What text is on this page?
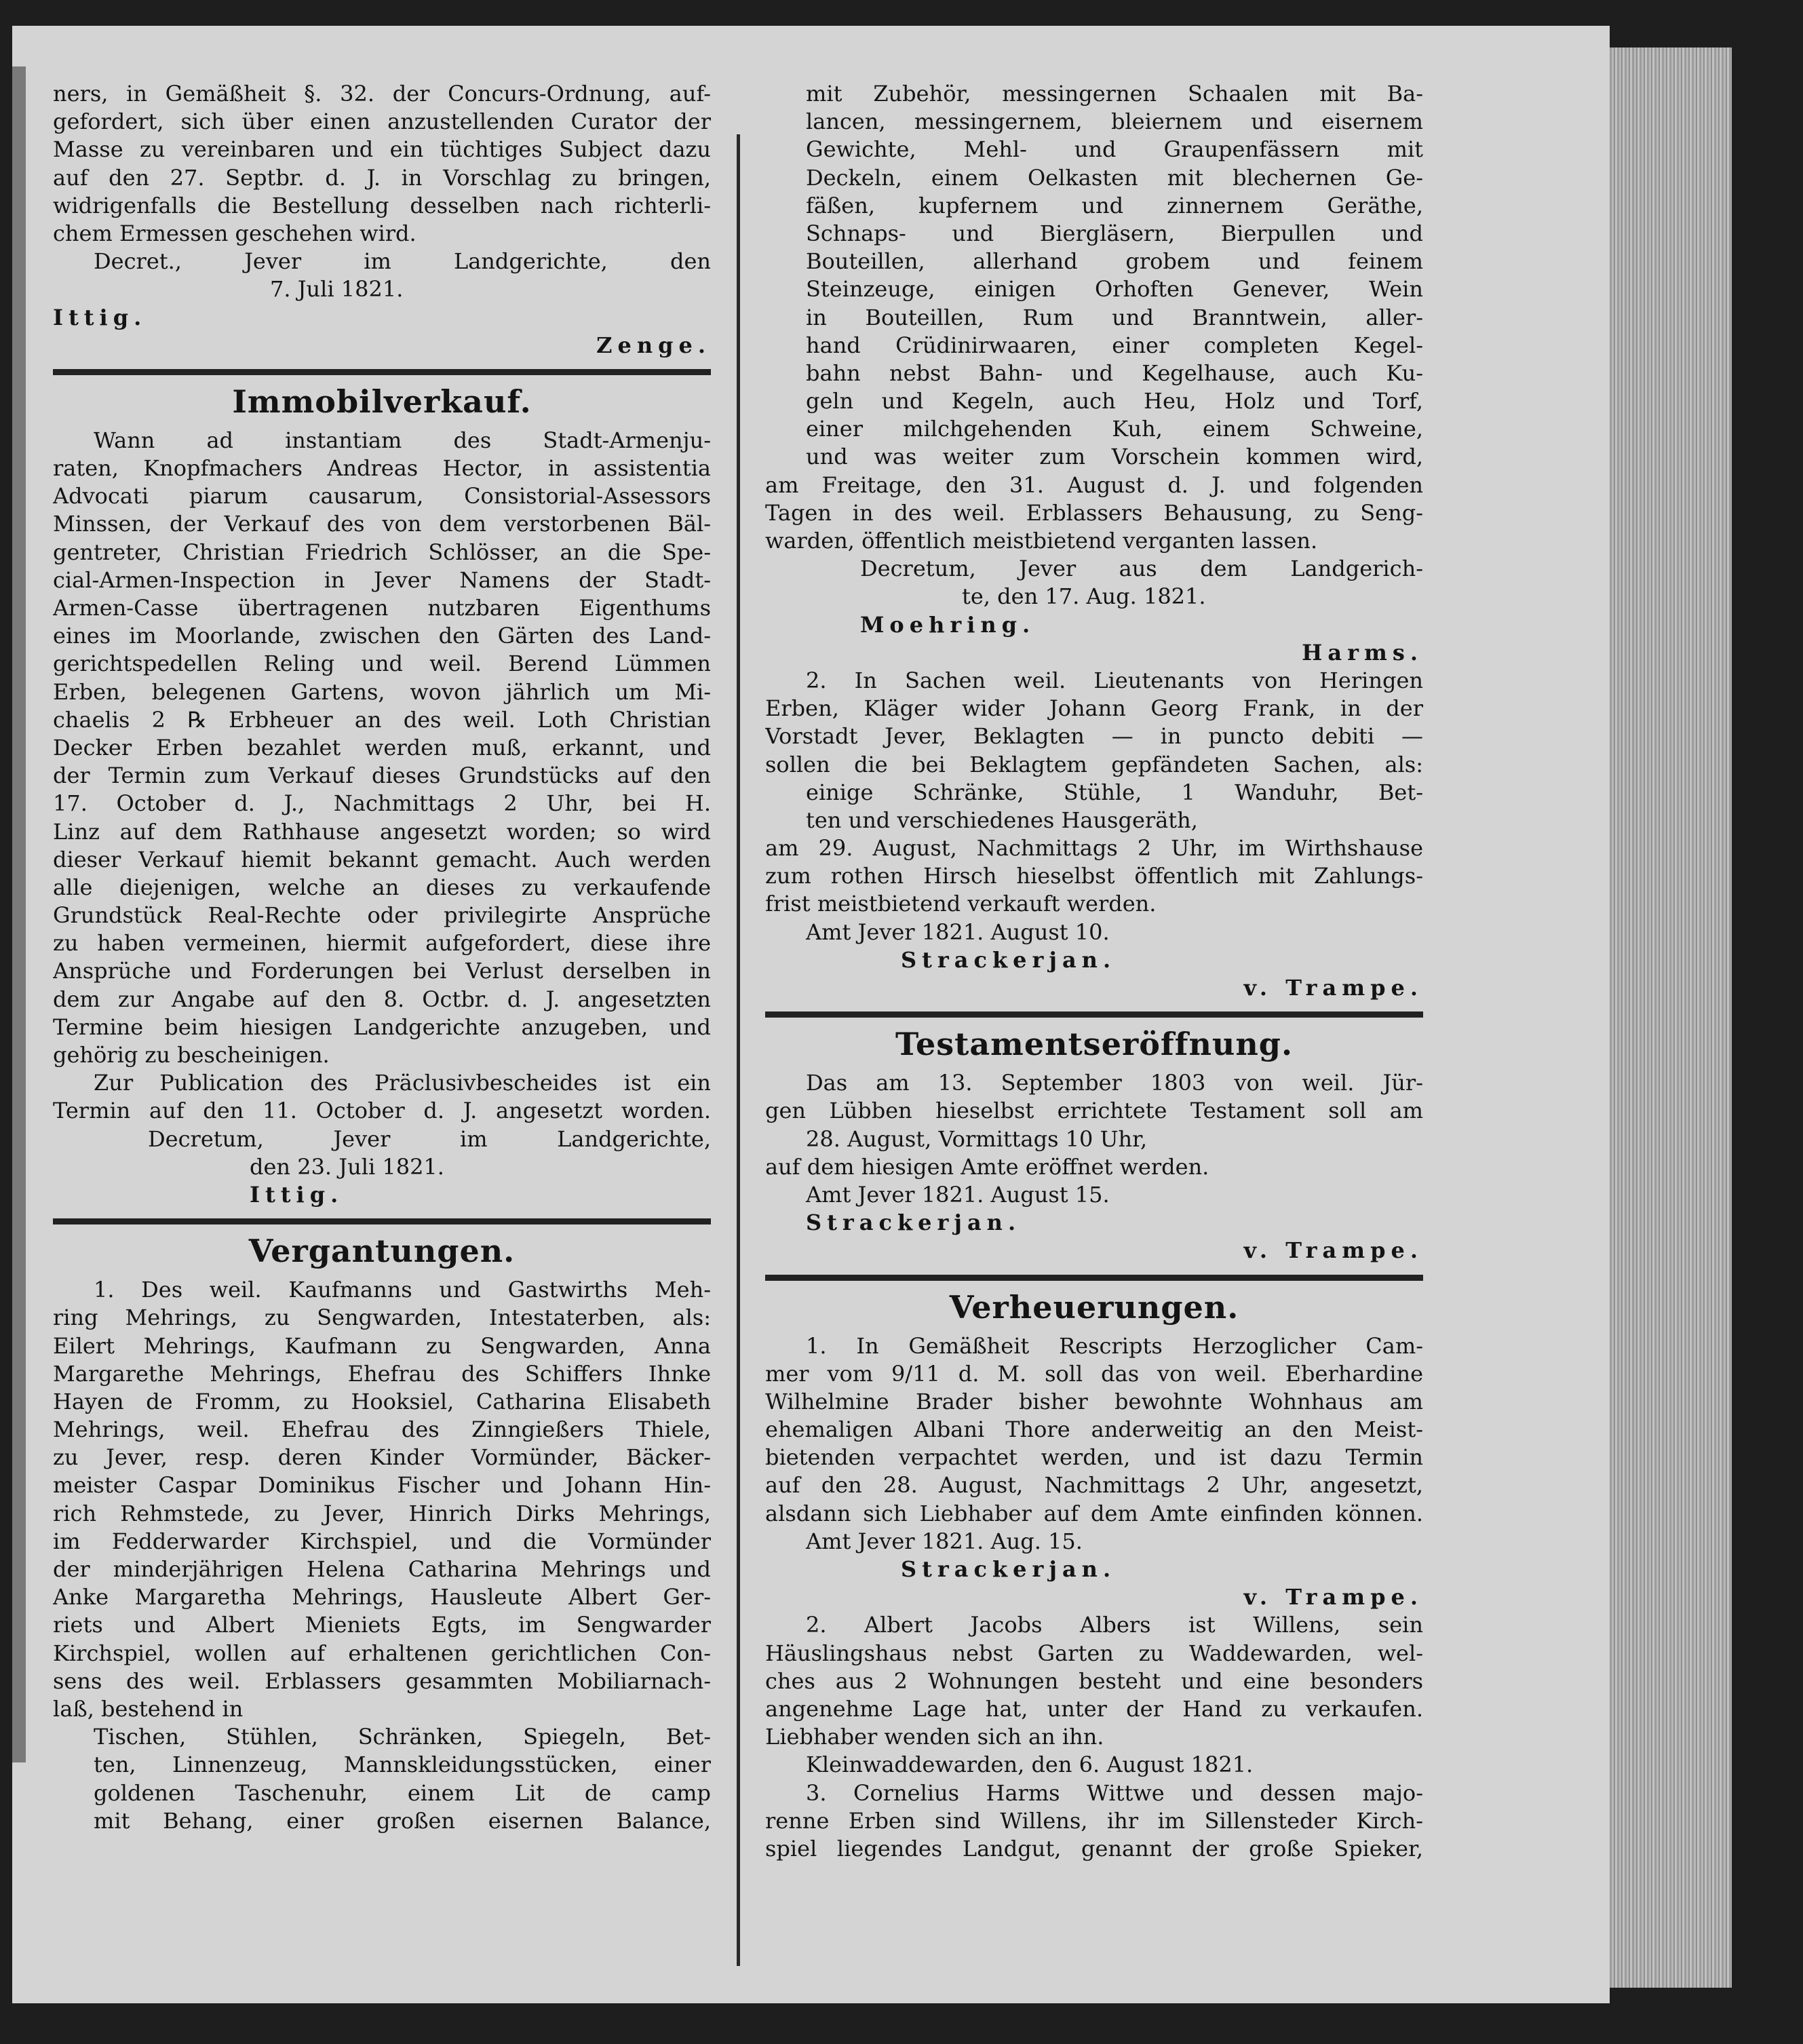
ners, in Gemäßheit §. 32. der Concurs-Ordnung, auf-
gefordert, sich über einen anzustellenden Curator der
Masse zu vereinbaren und ein tüchtiges Subject dazu
auf den 27. Septbr. d. J. in Vorschlag zu bringen,
widrigenfalls die Bestellung desselben nach richterli-
chem Ermessen geschehen wird.
Decret., Jever im Landgerichte, den
7. Juli 1821.
Ittig.
Zenge.
Immobilverkauf.
Wann ad instantiam des Stadt-Armenju-
raten, Knopfmachers Andreas Hector, in assistentia
Advocati piarum causarum, Consistorial-Assessors
Minssen, der Verkauf des von dem verstorbenen Bäl-
gentreter, Christian Friedrich Schlösser, an die Spe-
cial-Armen-Inspection in Jever Namens der Stadt-
Armen-Casse übertragenen nutzbaren Eigenthums
eines im Moorlande, zwischen den Gärten des Land-
gerichtspedellen Reling und weil. Berend Lümmen
Erben, belegenen Gartens, wovon jährlich um Mi-
chaelis 2 ℞ Erbheuer an des weil. Loth Christian
Decker Erben bezahlet werden muß, erkannt, und
der Termin zum Verkauf dieses Grundstücks auf den
17. October d. J., Nachmittags 2 Uhr, bei H.
Linz auf dem Rathhause angesetzt worden; so wird
dieser Verkauf hiemit bekannt gemacht. Auch werden
alle diejenigen, welche an dieses zu verkaufende
Grundstück Real-Rechte oder privilegirte Ansprüche
zu haben vermeinen, hiermit aufgefordert, diese ihre
Ansprüche und Forderungen bei Verlust derselben in
dem zur Angabe auf den 8. Octbr. d. J. angesetzten
Termine beim hiesigen Landgerichte anzugeben, und
gehörig zu bescheinigen.
Zur Publication des Präclusivbescheides ist ein
Termin auf den 11. October d. J. angesetzt worden.
Decretum, Jever im Landgerichte,
den 23. Juli 1821.
Ittig.
Vergantungen.
1. Des weil. Kaufmanns und Gastwirths Meh-
ring Mehrings, zu Sengwarden, Intestaterben, als:
Eilert Mehrings, Kaufmann zu Sengwarden, Anna
Margarethe Mehrings, Ehefrau des Schiffers Ihnke
Hayen de Fromm, zu Hooksiel, Catharina Elisabeth
Mehrings, weil. Ehefrau des Zinngießers Thiele,
zu Jever, resp. deren Kinder Vormünder, Bäcker-
meister Caspar Dominikus Fischer und Johann Hin-
rich Rehmstede, zu Jever, Hinrich Dirks Mehrings,
im Fedderwarder Kirchspiel, und die Vormünder
der minderjährigen Helena Catharina Mehrings und
Anke Margaretha Mehrings, Hausleute Albert Ger-
riets und Albert Mieniets Egts, im Sengwarder
Kirchspiel, wollen auf erhaltenen gerichtlichen Con-
sens des weil. Erblassers gesammten Mobiliarnach-
laß, bestehend in
Tischen, Stühlen, Schränken, Spiegeln, Bet-
ten, Linnenzeug, Mannskleidungsstücken, einer
goldenen Taschenuhr, einem Lit de camp
mit Behang, einer großen eisernen Balance,
mit Zubehör, messingernen Schaalen mit Ba-
lancen, messingernem, bleiernem und eisernem
Gewichte, Mehl- und Graupenfässern mit
Deckeln, einem Oelkasten mit blechernen Ge-
fäßen, kupfernem und zinnernem Geräthe,
Schnaps- und Biergläsern, Bierpullen und
Bouteillen, allerhand grobem und feinem
Steinzeuge, einigen Orhoften Genever, Wein
in Bouteillen, Rum und Branntwein, aller-
hand Crüdinirwaaren, einer completen Kegel-
bahn nebst Bahn- und Kegelhause, auch Ku-
geln und Kegeln, auch Heu, Holz und Torf,
einer milchgehenden Kuh, einem Schweine,
und was weiter zum Vorschein kommen wird,
am Freitage, den 31. August d. J. und folgenden
Tagen in des weil. Erblassers Behausung, zu Seng-
warden, öffentlich meistbietend verganten lassen.
Decretum, Jever aus dem Landgerich-
te, den 17. Aug. 1821.
Moehring.
Harms.
2. In Sachen weil. Lieutenants von Heringen
Erben, Kläger wider Johann Georg Frank, in der
Vorstadt Jever, Beklagten — in puncto debiti —
sollen die bei Beklagtem gepfändeten Sachen, als:
einige Schränke, Stühle, 1 Wanduhr, Bet-
ten und verschiedenes Hausgeräth,
am 29. August, Nachmittags 2 Uhr, im Wirthshause
zum rothen Hirsch hieselbst öffentlich mit Zahlungs-
frist meistbietend verkauft werden.
Amt Jever 1821. August 10.
Strackerjan.
v. Trampe.
Testamentseröffnung.
Das am 13. September 1803 von weil. Jür-
gen Lübben hieselbst errichtete Testament soll am
28. August, Vormittags 10 Uhr,
auf dem hiesigen Amte eröffnet werden.
Amt Jever 1821. August 15.
Strackerjan.
v. Trampe.
Verheuerungen.
1. In Gemäßheit Rescripts Herzoglicher Cam-
mer vom 9/11 d. M. soll das von weil. Eberhardine
Wilhelmine Brader bisher bewohnte Wohnhaus am
ehemaligen Albani Thore anderweitig an den Meist-
bietenden verpachtet werden, und ist dazu Termin
auf den 28. August, Nachmittags 2 Uhr, angesetzt,
alsdann sich Liebhaber auf dem Amte einfinden können.
Amt Jever 1821. Aug. 15.
Strackerjan.
v. Trampe.
2. Albert Jacobs Albers ist Willens, sein
Häuslingshaus nebst Garten zu Waddewarden, wel-
ches aus 2 Wohnungen besteht und eine besonders
angenehme Lage hat, unter der Hand zu verkaufen.
Liebhaber wenden sich an ihn.
Kleinwaddewarden, den 6. August 1821.
3. Cornelius Harms Wittwe und dessen majo-
renne Erben sind Willens, ihr im Sillensteder Kirch-
spiel liegendes Landgut, genannt der große Spieker,
